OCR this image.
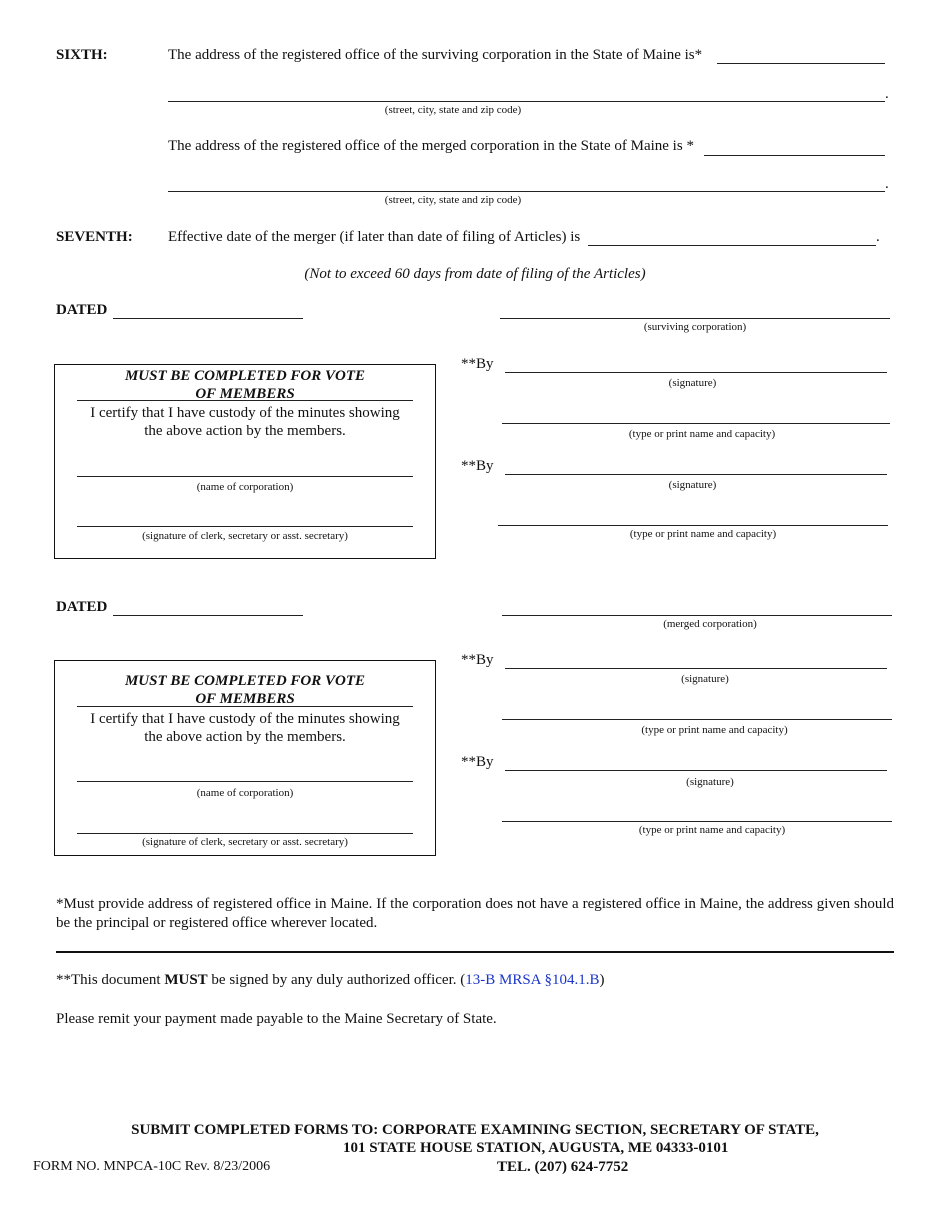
SIXTH:	The address of the registered office of the surviving corporation in the State of Maine is*
.
(street, city, state and zip code)
The address of the registered office of the merged corporation in the State of Maine is *
.
(street, city, state and zip code)
SEVENTH: Effective date of the merger (if later than date of filing of Articles) is	.
(Not to exceed 60 days from date of filing of the Articles)
DATED
(surviving corporation)
**By
(signature)
(type or print name and capacity)
**By
(signature)
(type or print name and capacity)
MUST BE COMPLETED FOR VOTE
OF MEMBERS
I certify that I have custody of the minutes showing
the above action by the members.
(name of corporation)
(signature of clerk, secretary or asst. secretary)
DATED
(merged corporation)
**By
(signature)
(type or print name and capacity)
**By
(signature)
(type or print name and capacity)
MUST BE COMPLETED FOR VOTE
OF MEMBERS
I certify that I have custody of the minutes showing
the above action by the members.
(name of corporation)
(signature of clerk, secretary or asst. secretary)
*Must provide address of registered office in Maine. If the corporation does not have a registered office in Maine, the address given should be the principal or registered office wherever located.
**This document MUST be signed by any duly authorized officer. (13-B MRSA §104.1.B)
Please remit your payment made payable to the Maine Secretary of State.
SUBMIT COMPLETED FORMS TO: CORPORATE EXAMINING SECTION, SECRETARY OF STATE,
101 STATE HOUSE STATION, AUGUSTA, ME 04333-0101
FORM NO. MNPCA-10C Rev. 8/23/2006	TEL. (207) 624-7752
